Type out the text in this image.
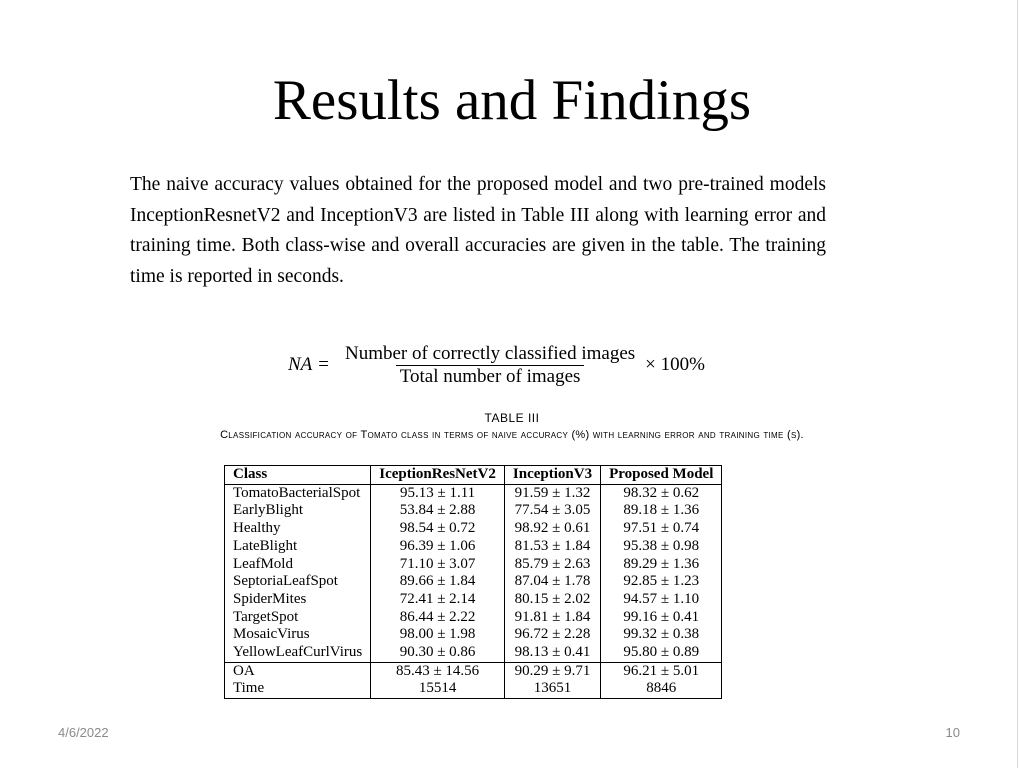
Results and Findings
The naive accuracy values obtained for the proposed model and two pre-trained models InceptionResnetV2 and InceptionV3 are listed in Table III along with learning error and training time. Both class-wise and overall accuracies are given in the table. The training time is reported in seconds.
NA = $\frac{\text{Number of correctly classified images}}{\text{Total number of images}} \times 100\%$
TABLE III
Classification accuracy of Tomato class in terms of naive accuracy (%) with learning error and training time (s).
Class	IceptionResNetV2	InceptionV3	Proposed Model
TomatoBacterialSpot	95.13 ± 1.11	91.59 ± 1.32	98.32 ± 0.62
EarlyBlight	53.84 ± 2.88	77.54 ± 3.05	89.18 ± 1.36
Healthy	98.54 ± 0.72	98.92 ± 0.61	97.51 ± 0.74
LateBlight	96.39 ± 1.06	81.53 ± 1.84	95.38 ± 0.98
LeafMold	71.10 ± 3.07	85.79 ± 2.63	89.29 ± 1.36
SeptoriaLeafSpot	89.66 ± 1.84	87.04 ± 1.78	92.85 ± 1.23
SpiderMites	72.41 ± 2.14	80.15 ± 2.02	94.57 ± 1.10
TargetSpot	86.44 ± 2.22	91.81 ± 1.84	99.16 ± 0.41
MosaicVirus	98.00 ± 1.98	96.72 ± 2.28	99.32 ± 0.38
YellowLeafCurlVirus	90.30 ± 0.86	98.13 ± 0.41	95.80 ± 0.89
OA	85.43 ± 14.56	90.29 ± 9.71	96.21 ± 5.01
Time	15514	13651	8846
4/6/2022	10
